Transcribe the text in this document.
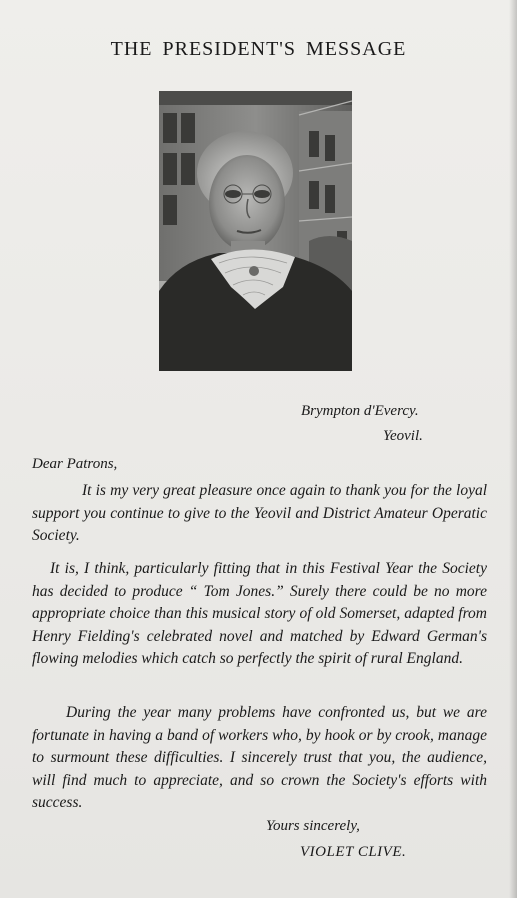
THE PRESIDENT'S MESSAGE
Brympton d'Evercy.
Yeovil.
Dear Patrons,

It is my very great pleasure once again to thank you for the loyal support you continue to give to the Yeovil and District Amateur Operatic Society.

It is, I think, particularly fitting that in this Festival Year the Society has decided to produce “ Tom Jones.” Surely there could be no more appropriate choice than this musical story of old Somerset, adapted from Henry Fielding's celebrated novel and matched by Edward German's flowing melodies which catch so perfectly the spirit of rural England.

During the year many problems have confronted us, but we are fortunate in having a band of workers who, by hook or by crook, manage to surmount these difficulties. I sincerely trust that you, the audience, will find much to appreciate, and so crown the Society's efforts with success.

Yours sincerely,
VIOLET CLIVE.
